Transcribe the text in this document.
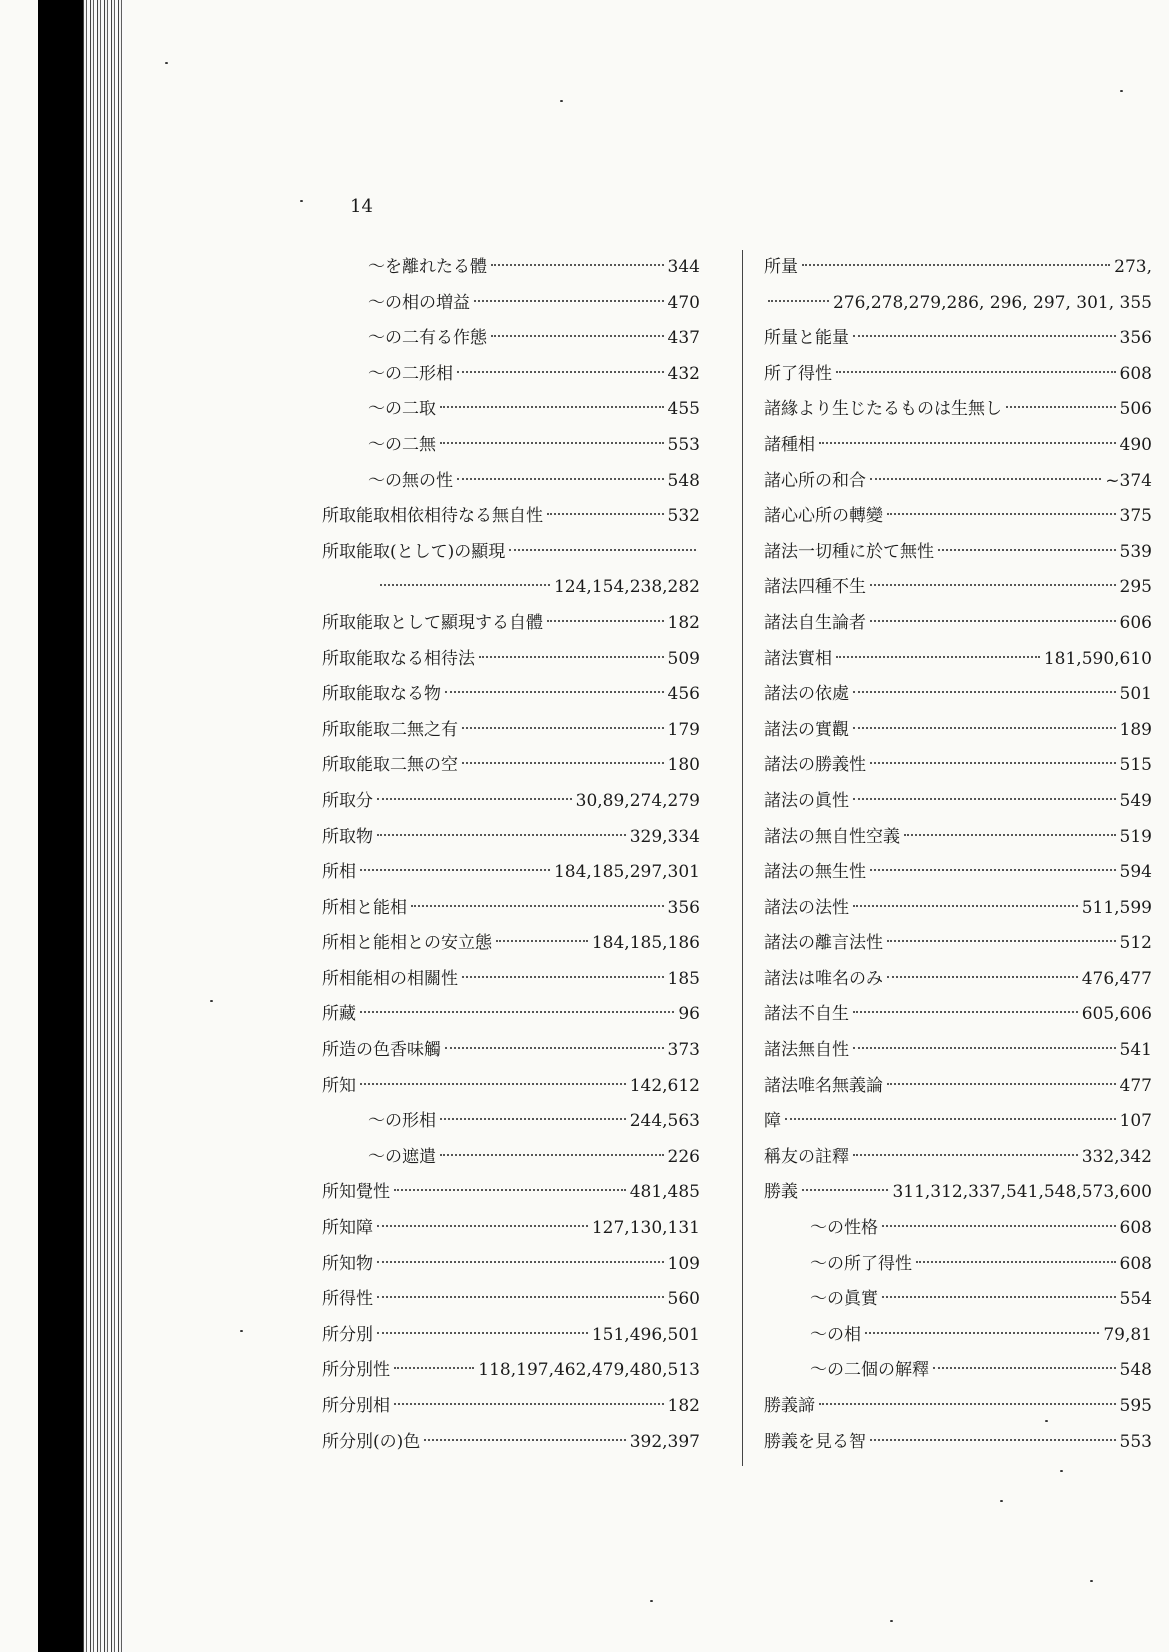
14
〜を離れたる體	344
〜の相の増益	470
〜の二有る作態	437
〜の二形相	432
〜の二取	455
〜の二無	553
〜の無の性	548
所取能取相依相待なる無自性	532
所取能取(として)の顯現
124,154,238,282
所取能取として顯現する自體	182
所取能取なる相待法	509
所取能取なる物	456
所取能取二無之有	179
所取能取二無の空	180
所取分	30,89,274,279
所取物	329,334
所相	184,185,297,301
所相と能相	356
所相と能相との安立態	184,185,186
所相能相の相關性	185
所藏	96
所造の色香味觸	373
所知	142,612
〜の形相	244,563
〜の遮遣	226
所知覺性	481,485
所知障	127,130,131
所知物	109
所得性	560
所分別	151,496,501
所分別性	118,197,462,479,480,513
所分別相	182
所分別(の)色	392,397
所量	273,
276,278,279,286, 296, 297, 301, 355
所量と能量	356
所了得性	608
諸緣より生じたるものは生無し	506
諸種相	490
諸心所の和合	~374
諸心心所の轉變	375
諸法一切種に於て無性	539
諸法四種不生	295
諸法自生論者	606
諸法實相	181,590,610
諸法の依處	501
諸法の實觀	189
諸法の勝義性	515
諸法の眞性	549
諸法の無自性空義	519
諸法の無生性	594
諸法の法性	511,599
諸法の離言法性	512
諸法は唯名のみ	476,477
諸法不自生	605,606
諸法無自性	541
諸法唯名無義論	477
障	107
稱友の註釋	332,342
勝義	311,312,337,541,548,573,600
〜の性格	608
〜の所了得性	608
〜の眞實	554
〜の相	79,81
〜の二個の解釋	548
勝義諦	595
勝義を見る智	553
